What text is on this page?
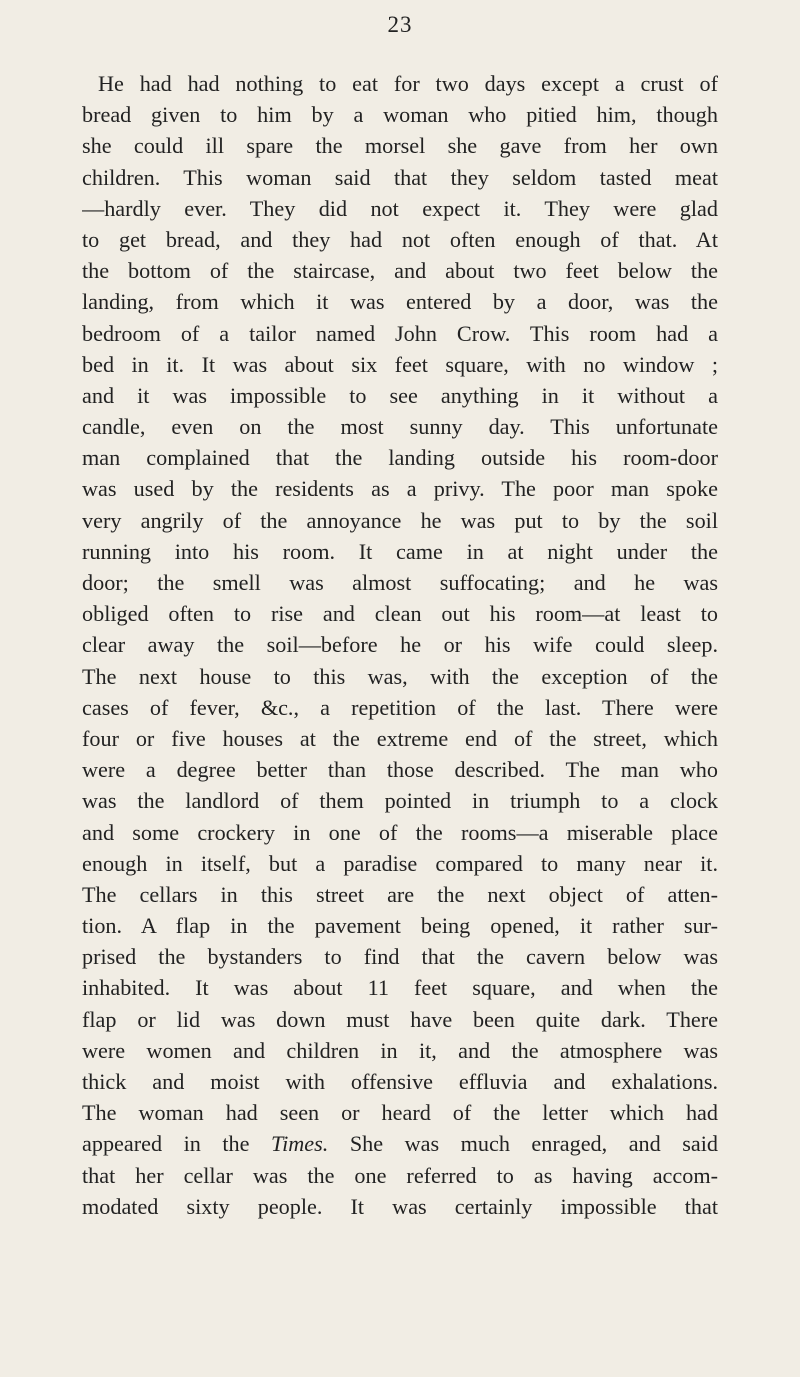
23
He had had nothing to eat for two days except a crust of
bread given to him by a woman who pitied him, though
she could ill spare the morsel she gave from her own
children. This woman said that they seldom tasted meat
—hardly ever. They did not expect it. They were glad
to get bread, and they had not often enough of that. At
the bottom of the staircase, and about two feet below the
landing, from which it was entered by a door, was the
bedroom of a tailor named John Crow. This room had a
bed in it. It was about six feet square, with no window ;
and it was impossible to see anything in it without a
candle, even on the most sunny day. This unfortunate
man complained that the landing outside his room-door
was used by the residents as a privy. The poor man spoke
very angrily of the annoyance he was put to by the soil
running into his room. It came in at night under the
door; the smell was almost suffocating; and he was
obliged often to rise and clean out his room—at least to
clear away the soil—before he or his wife could sleep.
The next house to this was, with the exception of the
cases of fever, &c., a repetition of the last. There were
four or five houses at the extreme end of the street, which
were a degree better than those described. The man who
was the landlord of them pointed in triumph to a clock
and some crockery in one of the rooms—a miserable place
enough in itself, but a paradise compared to many near it.
The cellars in this street are the next object of atten-
tion. A flap in the pavement being opened, it rather sur-
prised the bystanders to find that the cavern below was
inhabited. It was about 11 feet square, and when the
flap or lid was down must have been quite dark. There
were women and children in it, and the atmosphere was
thick and moist with offensive effluvia and exhalations.
The woman had seen or heard of the letter which had
appeared in the Times. She was much enraged, and said
that her cellar was the one referred to as having accom-
modated sixty people. It was certainly impossible that
